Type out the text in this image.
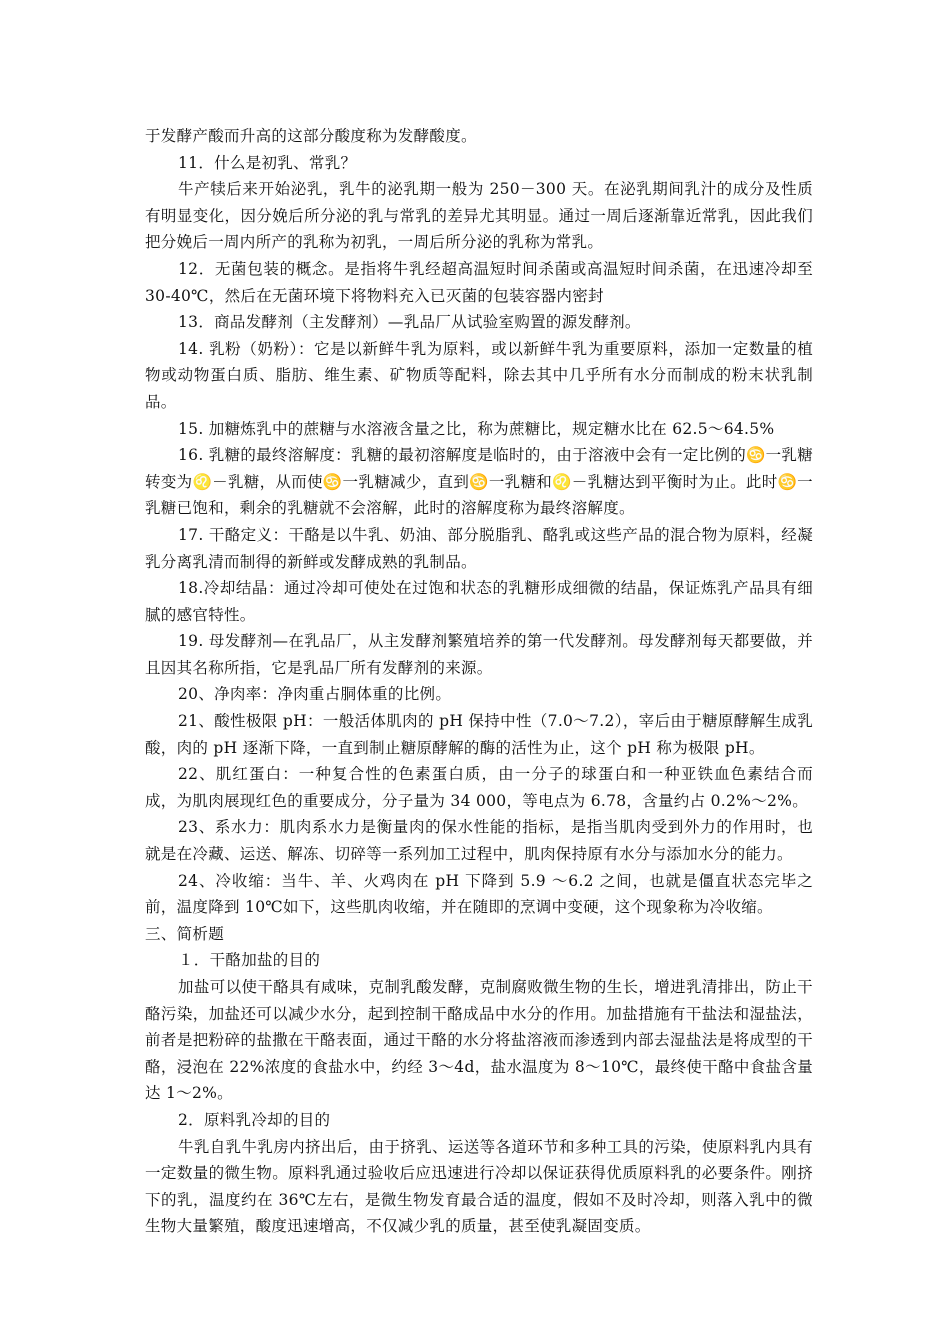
于发酵产酸而升高的这部分酸度称为发酵酸度。

11．什么是初乳、常乳？

牛产犊后来开始泌乳，乳牛的泌乳期一般为 250－300 天。在泌乳期间乳汁的成分及性质有明显变化，因分娩后所分泌的乳与常乳的差异尤其明显。通过一周后逐渐靠近常乳，因此我们把分娩后一周内所产的乳称为初乳，一周后所分泌的乳称为常乳。

12．无菌包装的概念。是指将牛乳经超高温短时间杀菌或高温短时间杀菌，在迅速冷却至 30-40℃，然后在无菌环境下将物料充入已灭菌的包装容器内密封

13．商品发酵剂（主发酵剂）—乳品厂从试验室购置的源发酵剂。

14. 乳粉（奶粉）：它是以新鲜牛乳为原料，或以新鲜牛乳为重要原料，添加一定数量的植物或动物蛋白质、脂肪、维生素、矿物质等配料，除去其中几乎所有水分而制成的粉末状乳制品。

15. 加糖炼乳中的蔗糖与水溶液含量之比，称为蔗糖比，规定糖水比在 62.5～64.5%

16. 乳糖的最终溶解度：乳糖的最初溶解度是临时的，由于溶液中会有一定比例的♋一乳糖转变为♌－乳糖，从而使♋一乳糖减少，直到♋一乳糖和♌－乳糖达到平衡时为止。此时♋一乳糖已饱和，剩余的乳糖就不会溶解，此时的溶解度称为最终溶解度。

17. 干酪定义：干酪是以牛乳、奶油、部分脱脂乳、酪乳或这些产品的混合物为原料，经凝乳分离乳清而制得的新鲜或发酵成熟的乳制品。

18.冷却结晶：通过冷却可使处在过饱和状态的乳糖形成细微的结晶，保证炼乳产品具有细腻的感官特性。

19. 母发酵剂—在乳品厂，从主发酵剂繁殖培养的第一代发酵剂。母发酵剂每天都要做，并且因其名称所指，它是乳品厂所有发酵剂的来源。

20、净肉率：净肉重占胴体重的比例。

21、酸性极限 pH：一般活体肌肉的 pH 保持中性（7.0～7.2），宰后由于糖原酵解生成乳酸，肉的 pH 逐渐下降，一直到制止糖原酵解的酶的活性为止，这个 pH 称为极限 pH。

22、肌红蛋白：一种复合性的色素蛋白质，由一分子的球蛋白和一种亚铁血色素结合而成，为肌肉展现红色的重要成分，分子量为 34 000，等电点为 6.78，含量约占 0.2%～2%。

23、系水力：肌肉系水力是衡量肉的保水性能的指标，是指当肌肉受到外力的作用时，也就是在冷藏、运送、解冻、切碎等一系列加工过程中，肌肉保持原有水分与添加水分的能力。

24、冷收缩：当牛、羊、火鸡肉在 pH 下降到 5.9 ～6.2 之间，也就是僵直状态完毕之前，温度降到 10℃如下，这些肌肉收缩，并在随即的烹调中变硬，这个现象称为冷收缩。

三、简析题

１．干酪加盐的目的

加盐可以使干酪具有咸味，克制乳酸发酵，克制腐败微生物的生长，增进乳清排出，防止干酪污染，加盐还可以减少水分，起到控制干酪成品中水分的作用。加盐措施有干盐法和湿盐法，前者是把粉碎的盐撒在干酪表面，通过干酪的水分将盐溶液而渗透到内部去湿盐法是将成型的干酪，浸泡在 22%浓度的食盐水中，约经 3～4d，盐水温度为 8～10℃，最终使干酪中食盐含量达 1～2%。

2．原料乳冷却的目的

牛乳自乳牛乳房内挤出后，由于挤乳、运送等各道环节和多种工具的污染，使原料乳内具有一定数量的微生物。原料乳通过验收后应迅速进行冷却以保证获得优质原料乳的必要条件。刚挤下的乳，温度约在 36℃左右，是微生物发育最合适的温度，假如不及时冷却，则落入乳中的微生物大量繁殖，酸度迅速增高，不仅减少乳的质量，甚至使乳凝固变质。
